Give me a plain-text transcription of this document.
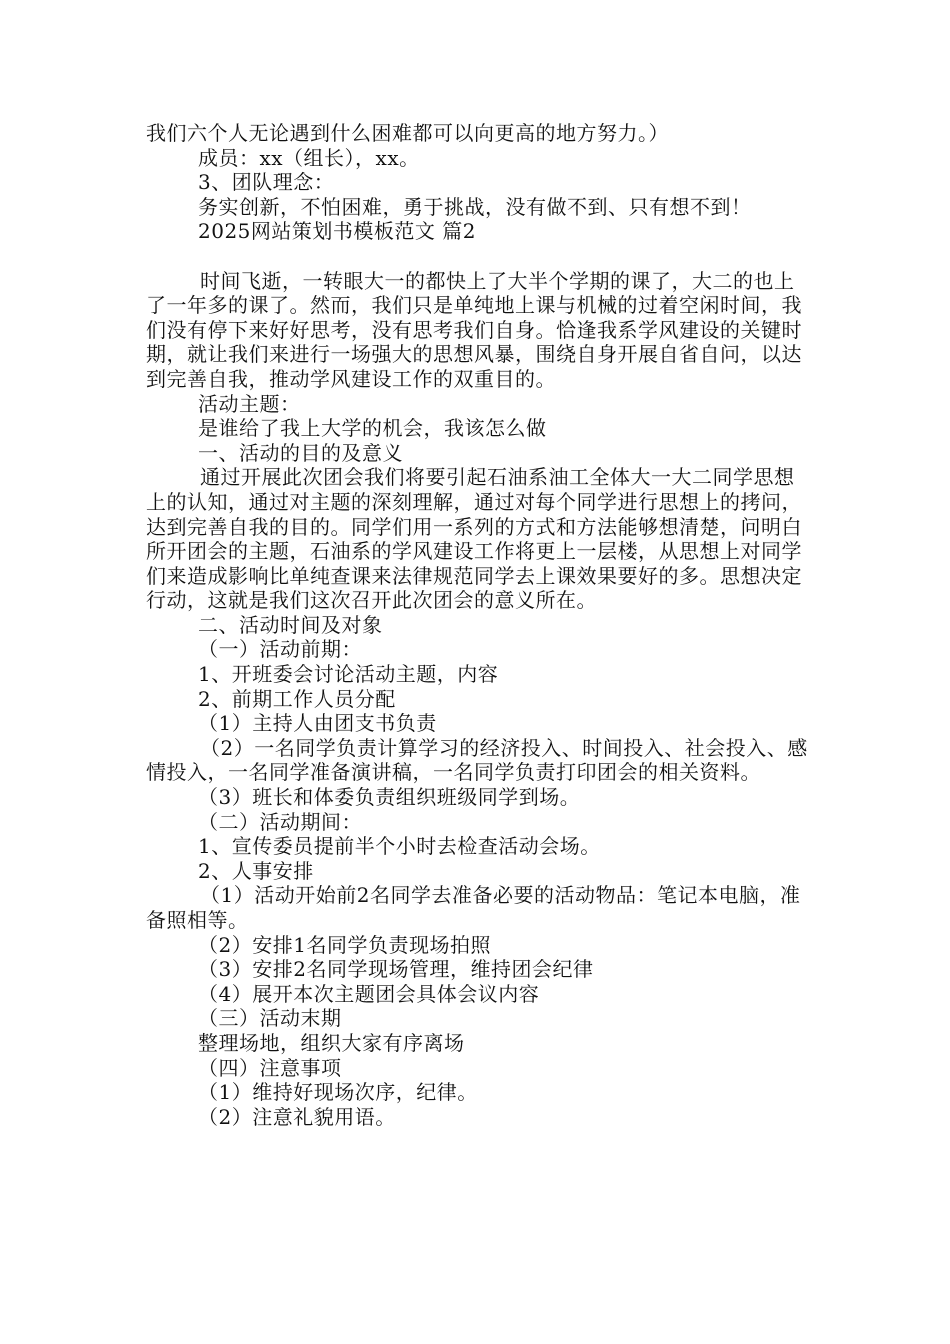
我们六个人无论遇到什么困难都可以向更高的地方努力。）

成员：xx（组长），xx。

3、团队理念：

务实创新，不怕困难，勇于挑战，没有做不到、只有想不到！

2025网站策划书模板范文 篇2

时间飞逝，一转眼大一的都快上了大半个学期的课了，大二的也上了一年多的课了。然而，我们只是单纯地上课与机械的过着空闲时间，我们没有停下来好好思考，没有思考我们自身。恰逢我系学风建设的关键时期，就让我们来进行一场强大的思想风暴，围绕自身开展自省自问，以达到完善自我，推动学风建设工作的双重目的。

活动主题：

是谁给了我上大学的机会，我该怎么做

一、活动的目的及意义

通过开展此次团会我们将要引起石油系油工全体大一大二同学思想上的认知，通过对主题的深刻理解，通过对每个同学进行思想上的拷问，达到完善自我的目的。同学们用一系列的方式和方法能够想清楚，问明白所开团会的主题，石油系的学风建设工作将更上一层楼，从思想上对同学们来造成影响比单纯查课来法律规范同学去上课效果要好的多。思想决定行动，这就是我们这次召开此次团会的意义所在。

二、活动时间及对象

（一）活动前期：

1、开班委会讨论活动主题，内容

2、前期工作人员分配

（1）主持人由团支书负责

（2）一名同学负责计算学习的经济投入、时间投入、社会投入、感情投入，一名同学准备演讲稿，一名同学负责打印团会的相关资料。

（3）班长和体委负责组织班级同学到场。

（二）活动期间：

1、宣传委员提前半个小时去检查活动会场。

2、人事安排

（1）活动开始前2名同学去准备必要的活动物品：笔记本电脑，准备照相等。

（2）安排1名同学负责现场拍照

（3）安排2名同学现场管理，维持团会纪律

（4）展开本次主题团会具体会议内容

（三）活动末期

整理场地，组织大家有序离场

（四）注意事项

（1）维持好现场次序，纪律。

（2）注意礼貌用语。
